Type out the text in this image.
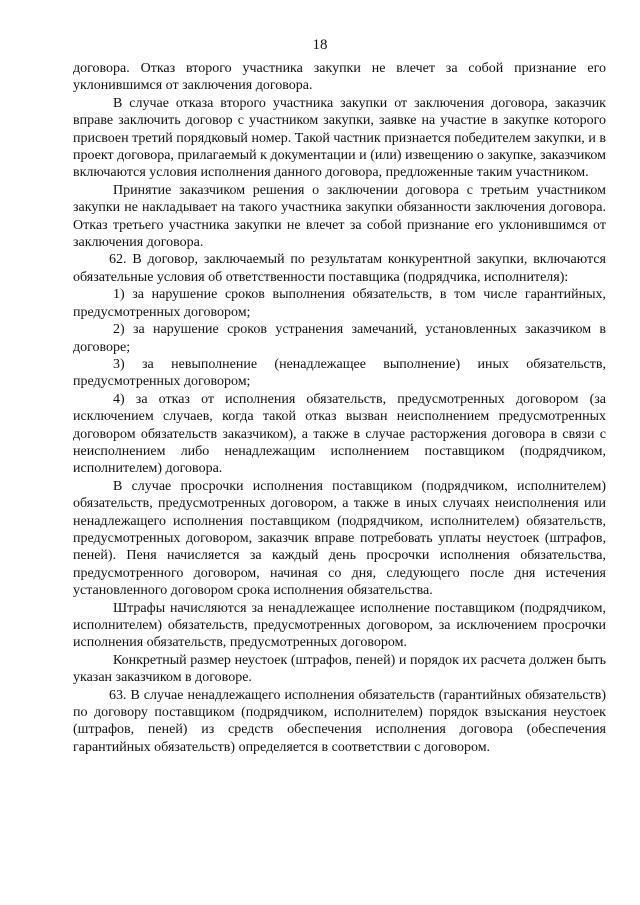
18

договора. Отказ второго участника закупки не влечет за собой признание его уклонившимся от заключения договора.

В случае отказа второго участника закупки от заключения договора, заказчик вправе заключить договор с участником закупки, заявке на участие в закупке которого присвоен третий порядковый номер. Такой частник признается победителем закупки, и в проект договора, прилагаемый к документации и (или) извещению о закупке, заказчиком включаются условия исполнения данного договора, предложенные таким участником.

Принятие заказчиком решения о заключении договора с третьим участником закупки не накладывает на такого участника закупки обязанности заключения договора. Отказ третьего участника закупки не влечет за собой признание его уклонившимся от заключения договора.

62. В договор, заключаемый по результатам конкурентной закупки, включаются обязательные условия об ответственности поставщика (подрядчика, исполнителя):

1) за нарушение сроков выполнения обязательств, в том числе гарантийных, предусмотренных договором;

2) за нарушение сроков устранения замечаний, установленных заказчиком в договоре;

3) за невыполнение (ненадлежащее выполнение) иных обязательств, предусмотренных договором;

4) за отказ от исполнения обязательств, предусмотренных договором (за исключением случаев, когда такой отказ вызван неисполнением предусмотренных договором обязательств заказчиком), а также в случае расторжения договора в связи с неисполнением либо ненадлежащим исполнением поставщиком (подрядчиком, исполнителем) договора.

В случае просрочки исполнения поставщиком (подрядчиком, исполнителем) обязательств, предусмотренных договором, а также в иных случаях неисполнения или ненадлежащего исполнения поставщиком (подрядчиком, исполнителем) обязательств, предусмотренных договором, заказчик вправе потребовать уплаты неустоек (штрафов, пеней). Пеня начисляется за каждый день просрочки исполнения обязательства, предусмотренного договором, начиная со дня, следующего после дня истечения установленного договором срока исполнения обязательства.

Штрафы начисляются за ненадлежащее исполнение поставщиком (подрядчиком, исполнителем) обязательств, предусмотренных договором, за исключением просрочки исполнения обязательств, предусмотренных договором.

Конкретный размер неустоек (штрафов, пеней) и порядок их расчета должен быть указан заказчиком в договоре.

63. В случае ненадлежащего исполнения обязательств (гарантийных обязательств) по договору поставщиком (подрядчиком, исполнителем) порядок взыскания неустоек (штрафов, пеней) из средств обеспечения исполнения договора (обеспечения гарантийных обязательств) определяется в соответствии с договором.
